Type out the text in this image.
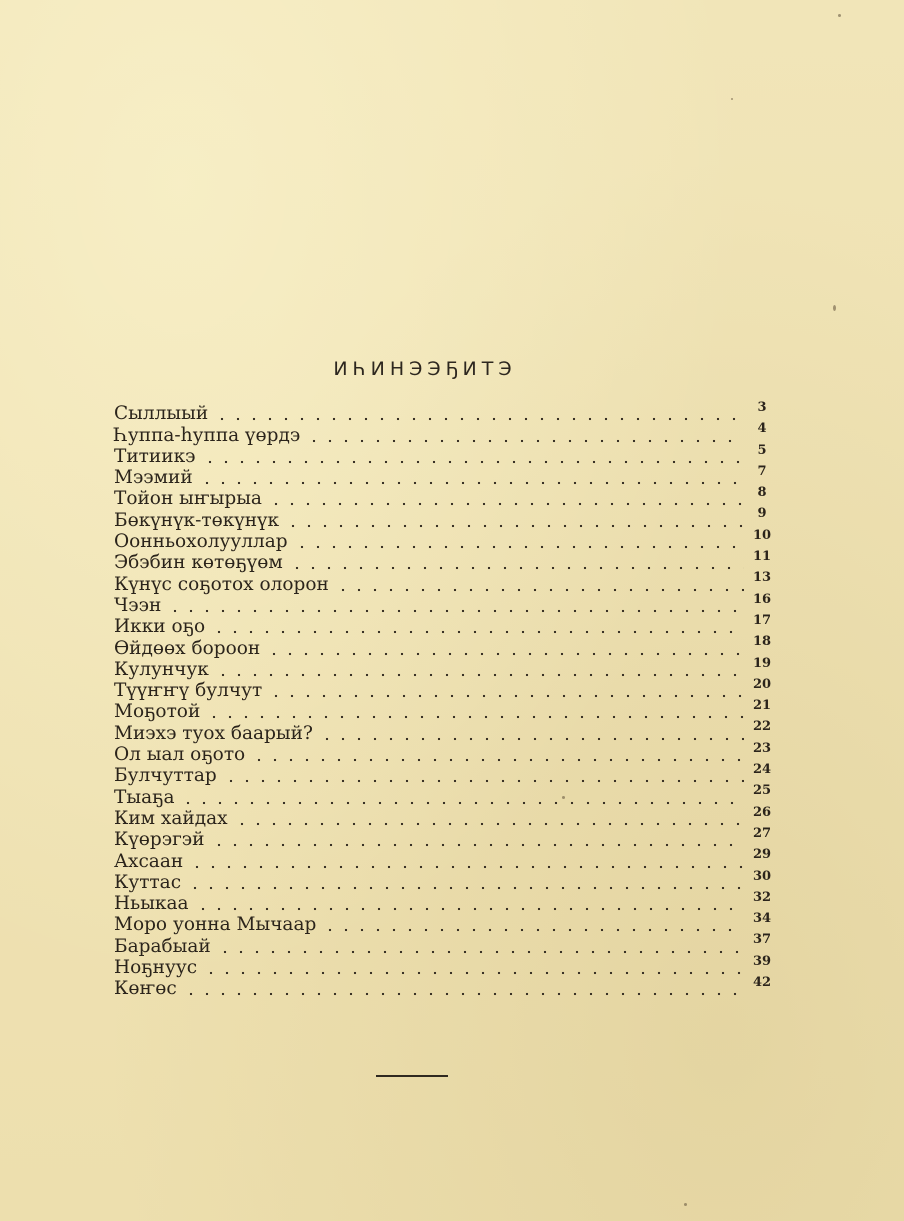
ИҺИНЭЭҔИТЭ
Сыллыый	3
Һуппа-һуппа үөрдэ	4
Титиикэ	5
Мээмий	7
Тойон ыҥырыа	8
Бөкүнүк-төкүнүк	9
Оонньохолууллар	10
Эбэбин көтөҕүөм	11
Күнүс соҕотох олорон	13
Чээн	16
Икки оҕо	17
Өйдөөх бороон	18
Кулунчук	19
Түүҥҥү булчут	20
Моҕотой	21
Миэхэ туох баарый?	22
Ол ыал оҕото	23
Булчуттар	24
Тыаҕа	25
Ким хайдах	26
Күөрэгэй	27
Ахсаан	29
Куттас	30
Ньыкаа	32
Моро уонна Мычаар	34
Барабыай	37
Ноҕнуус	39
Көҥөс	42
